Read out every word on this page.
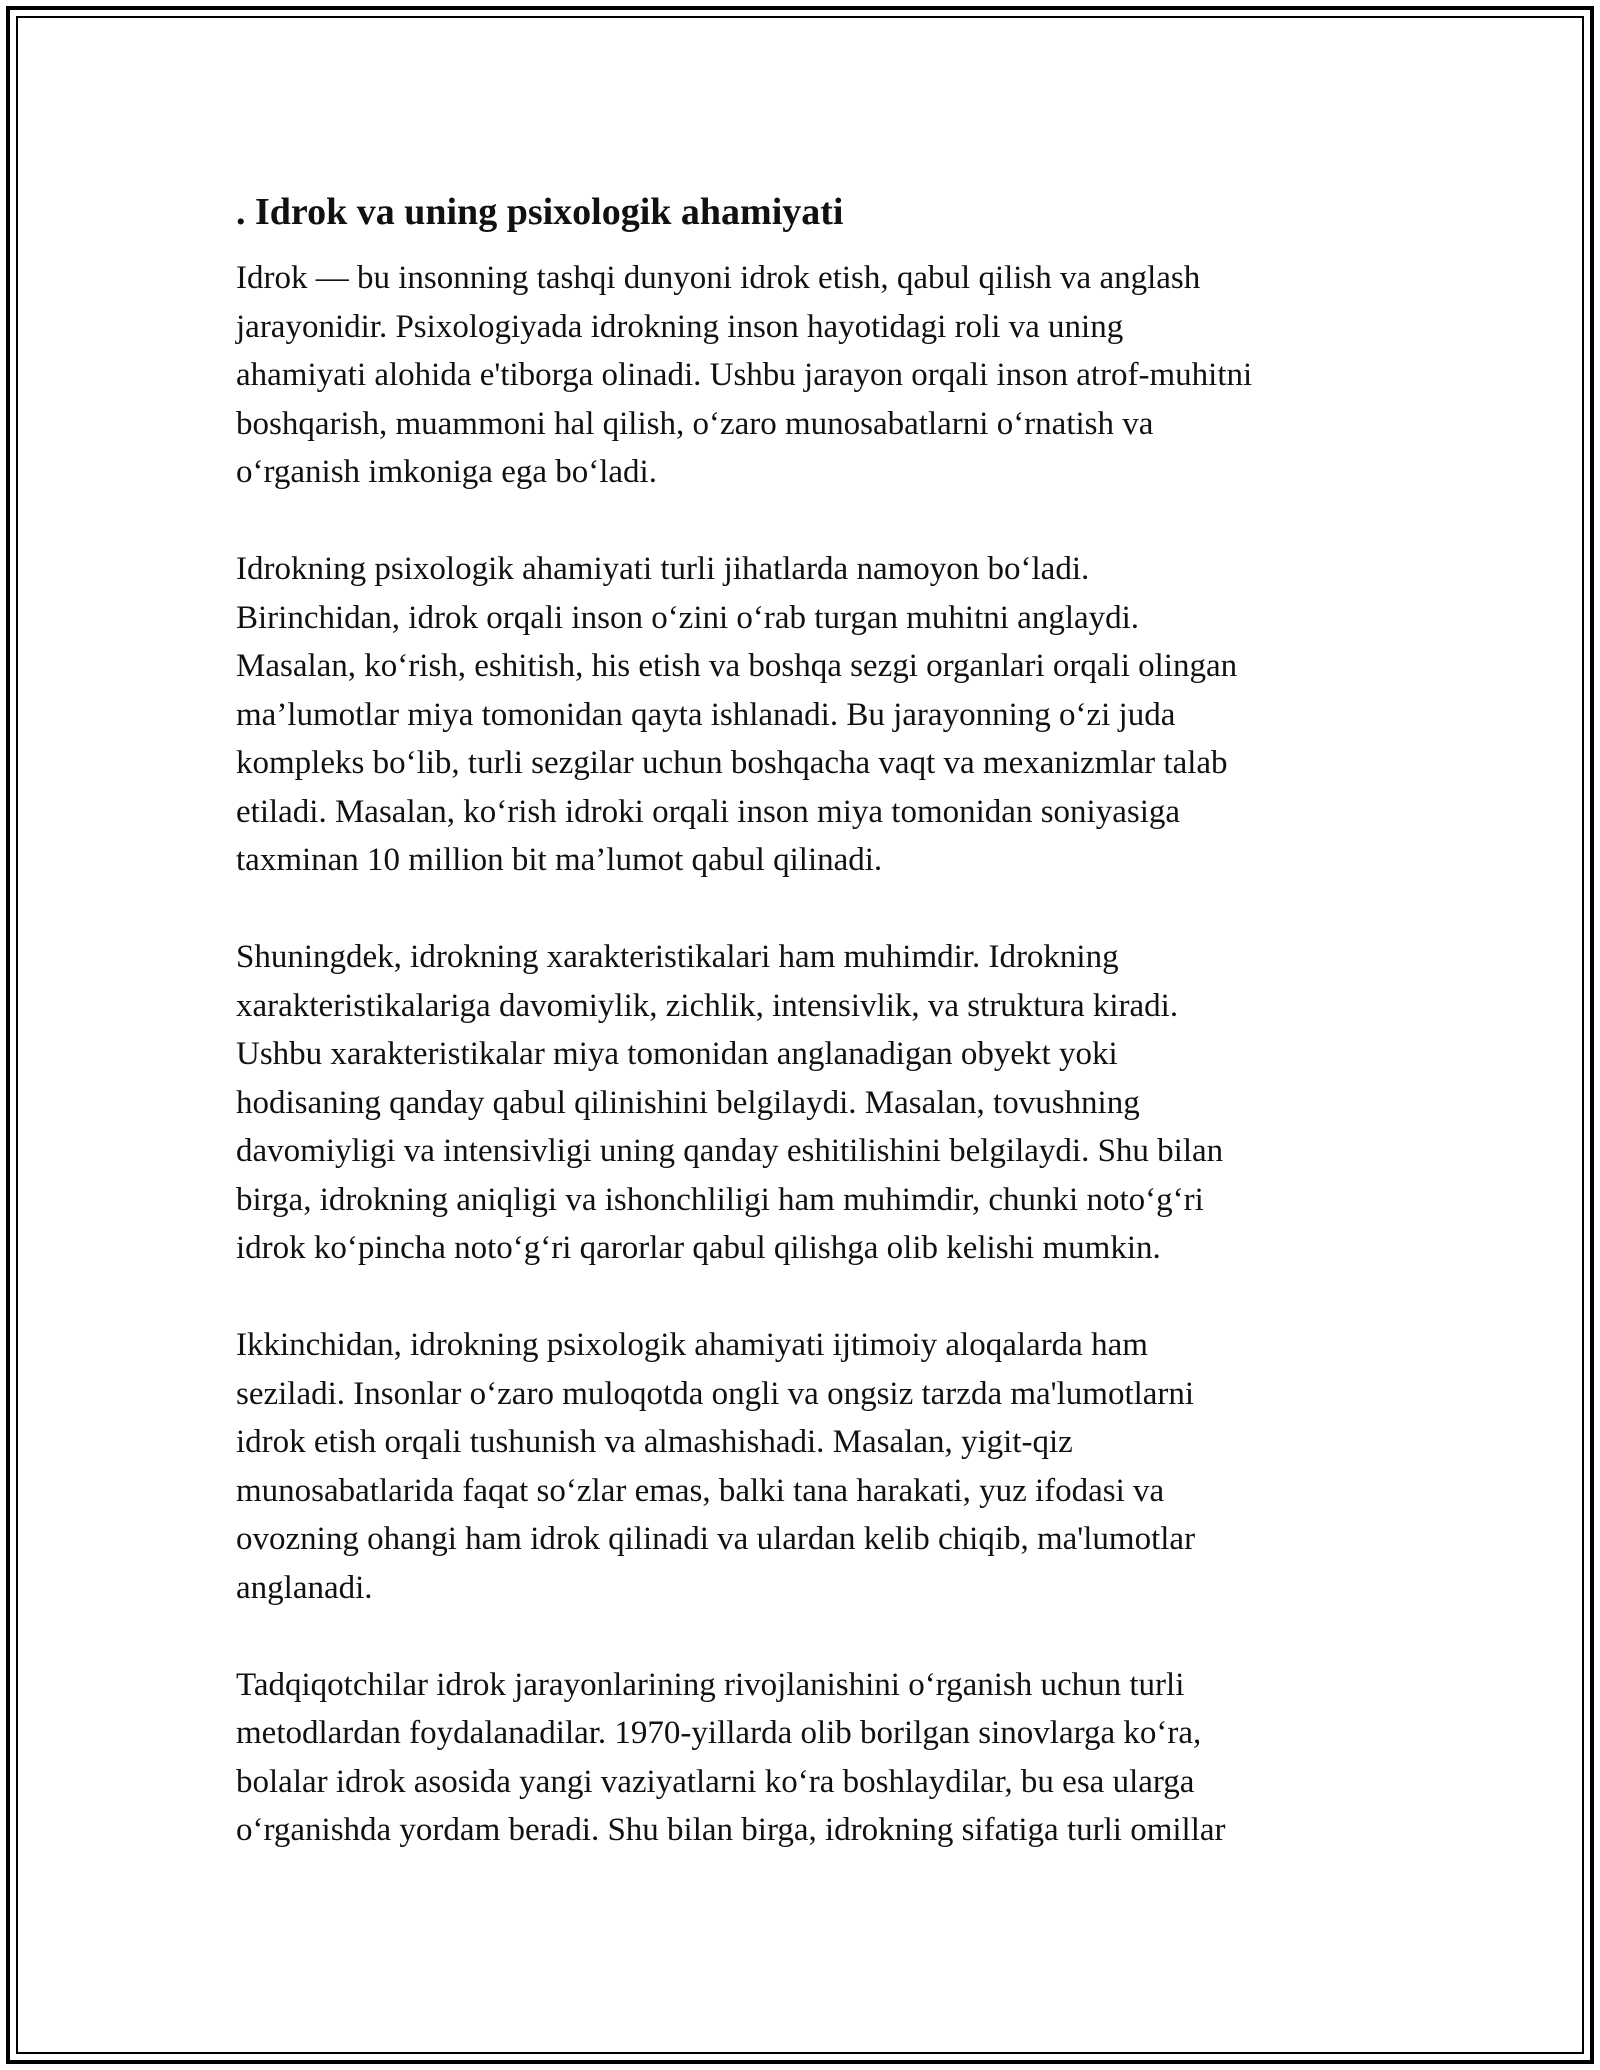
. Idrok va uning psixologik ahamiyati
Idrok — bu insonning tashqi dunyoni idrok etish, qabul qilish va anglash
jarayonidir. Psixologiyada idrokning inson hayotidagi roli va uning
ahamiyati alohida e'tiborga olinadi. Ushbu jarayon orqali inson atrof-muhitni
boshqarish, muammoni hal qilish, oʻzaro munosabatlarni oʻrnatish va
oʻrganish imkoniga ega boʻladi.
Idrokning psixologik ahamiyati turli jihatlarda namoyon boʻladi.
Birinchidan, idrok orqali inson oʻzini oʻrab turgan muhitni anglaydi.
Masalan, koʻrish, eshitish, his etish va boshqa sezgi organlari orqali olingan
ma’lumotlar miya tomonidan qayta ishlanadi. Bu jarayonning oʻzi juda
kompleks boʻlib, turli sezgilar uchun boshqacha vaqt va mexanizmlar talab
etiladi. Masalan, koʻrish idroki orqali inson miya tomonidan soniyasiga
taxminan 10 million bit ma’lumot qabul qilinadi.
Shuningdek, idrokning xarakteristikalari ham muhimdir. Idrokning
xarakteristikalariga davomiylik, zichlik, intensivlik, va struktura kiradi.
Ushbu xarakteristikalar miya tomonidan anglanadigan obyekt yoki
hodisaning qanday qabul qilinishini belgilaydi. Masalan, tovushning
davomiyligi va intensivligi uning qanday eshitilishini belgilaydi. Shu bilan
birga, idrokning aniqligi va ishonchliligi ham muhimdir, chunki notoʻgʻri
idrok koʻpincha notoʻgʻri qarorlar qabul qilishga olib kelishi mumkin.
Ikkinchidan, idrokning psixologik ahamiyati ijtimoiy aloqalarda ham
seziladi. Insonlar oʻzaro muloqotda ongli va ongsiz tarzda ma'lumotlarni
idrok etish orqali tushunish va almashishadi. Masalan, yigit-qiz
munosabatlarida faqat soʻzlar emas, balki tana harakati, yuz ifodasi va
ovozning ohangi ham idrok qilinadi va ulardan kelib chiqib, ma'lumotlar
anglanadi.
Tadqiqotchilar idrok jarayonlarining rivojlanishini oʻrganish uchun turli
metodlardan foydalanadilar. 1970-yillarda olib borilgan sinovlarga koʻra,
bolalar idrok asosida yangi vaziyatlarni koʻra boshlaydilar, bu esa ularga
oʻrganishda yordam beradi. Shu bilan birga, idrokning sifatiga turli omillar
